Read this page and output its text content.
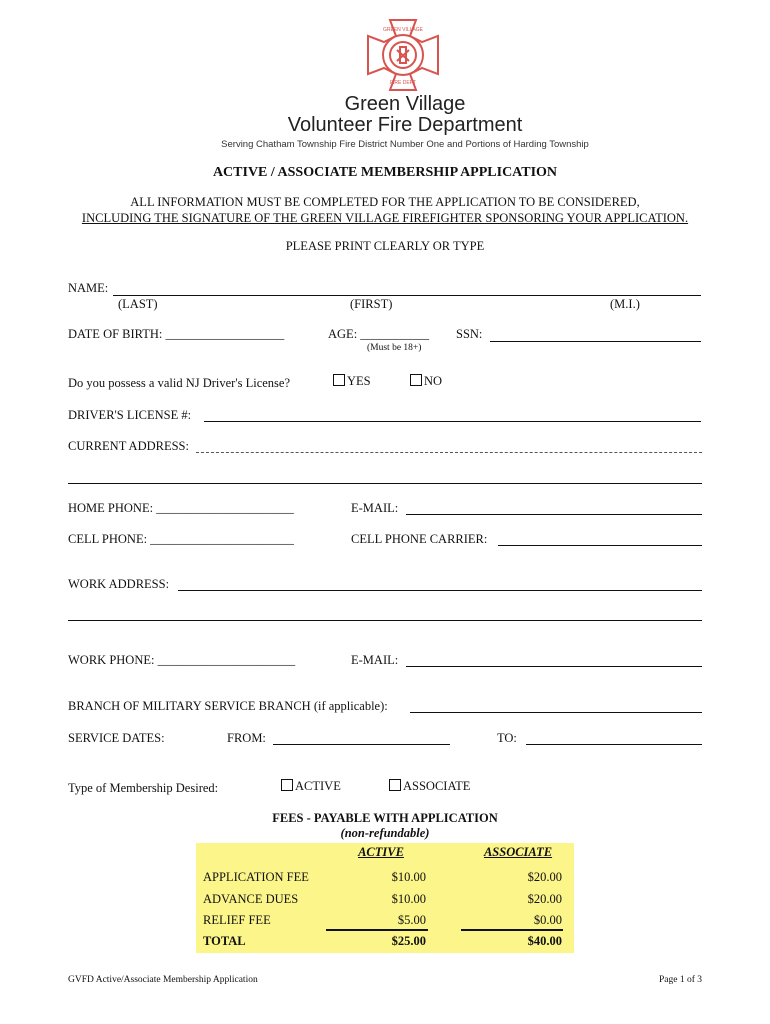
GREEN VILLAGE
FIRE DEPT
Green Village
Volunteer Fire Department
Serving Chatham Township Fire District Number One and Portions of Harding Township
ACTIVE / ASSOCIATE MEMBERSHIP APPLICATION
ALL INFORMATION MUST BE COMPLETED FOR THE APPLICATION TO BE CONSIDERED,
INCLUDING THE SIGNATURE OF THE GREEN VILLAGE FIREFIGHTER SPONSORING YOUR APPLICATION.
PLEASE PRINT CLEARLY OR TYPE
NAME:
(LAST)	(FIRST)	(M.I.)
DATE OF BIRTH: ___________________	AGE: ___________ SSN:
(Must be 18+)
Do you possess a valid NJ Driver's License?	YES	NO
DRIVER'S LICENSE #:
CURRENT ADDRESS:
HOME PHONE: ______________________	E-MAIL:
CELL PHONE: _______________________	CELL PHONE CARRIER:
WORK ADDRESS:
WORK PHONE: ______________________	E-MAIL:
BRANCH OF MILITARY SERVICE BRANCH (if applicable):
SERVICE DATES:	FROM:	TO:
Type of Membership Desired:	ACTIVE	ASSOCIATE
FEES - PAYABLE WITH APPLICATION
(non-refundable)
ACTIVE	ASSOCIATE
APPLICATION FEE	$10.00	$20.00
ADVANCE DUES	$10.00	$20.00
RELIEF FEE	$5.00	$0.00
TOTAL	$25.00	$40.00
GVFD Active/Associate Membership Application	Page 1 of 3
